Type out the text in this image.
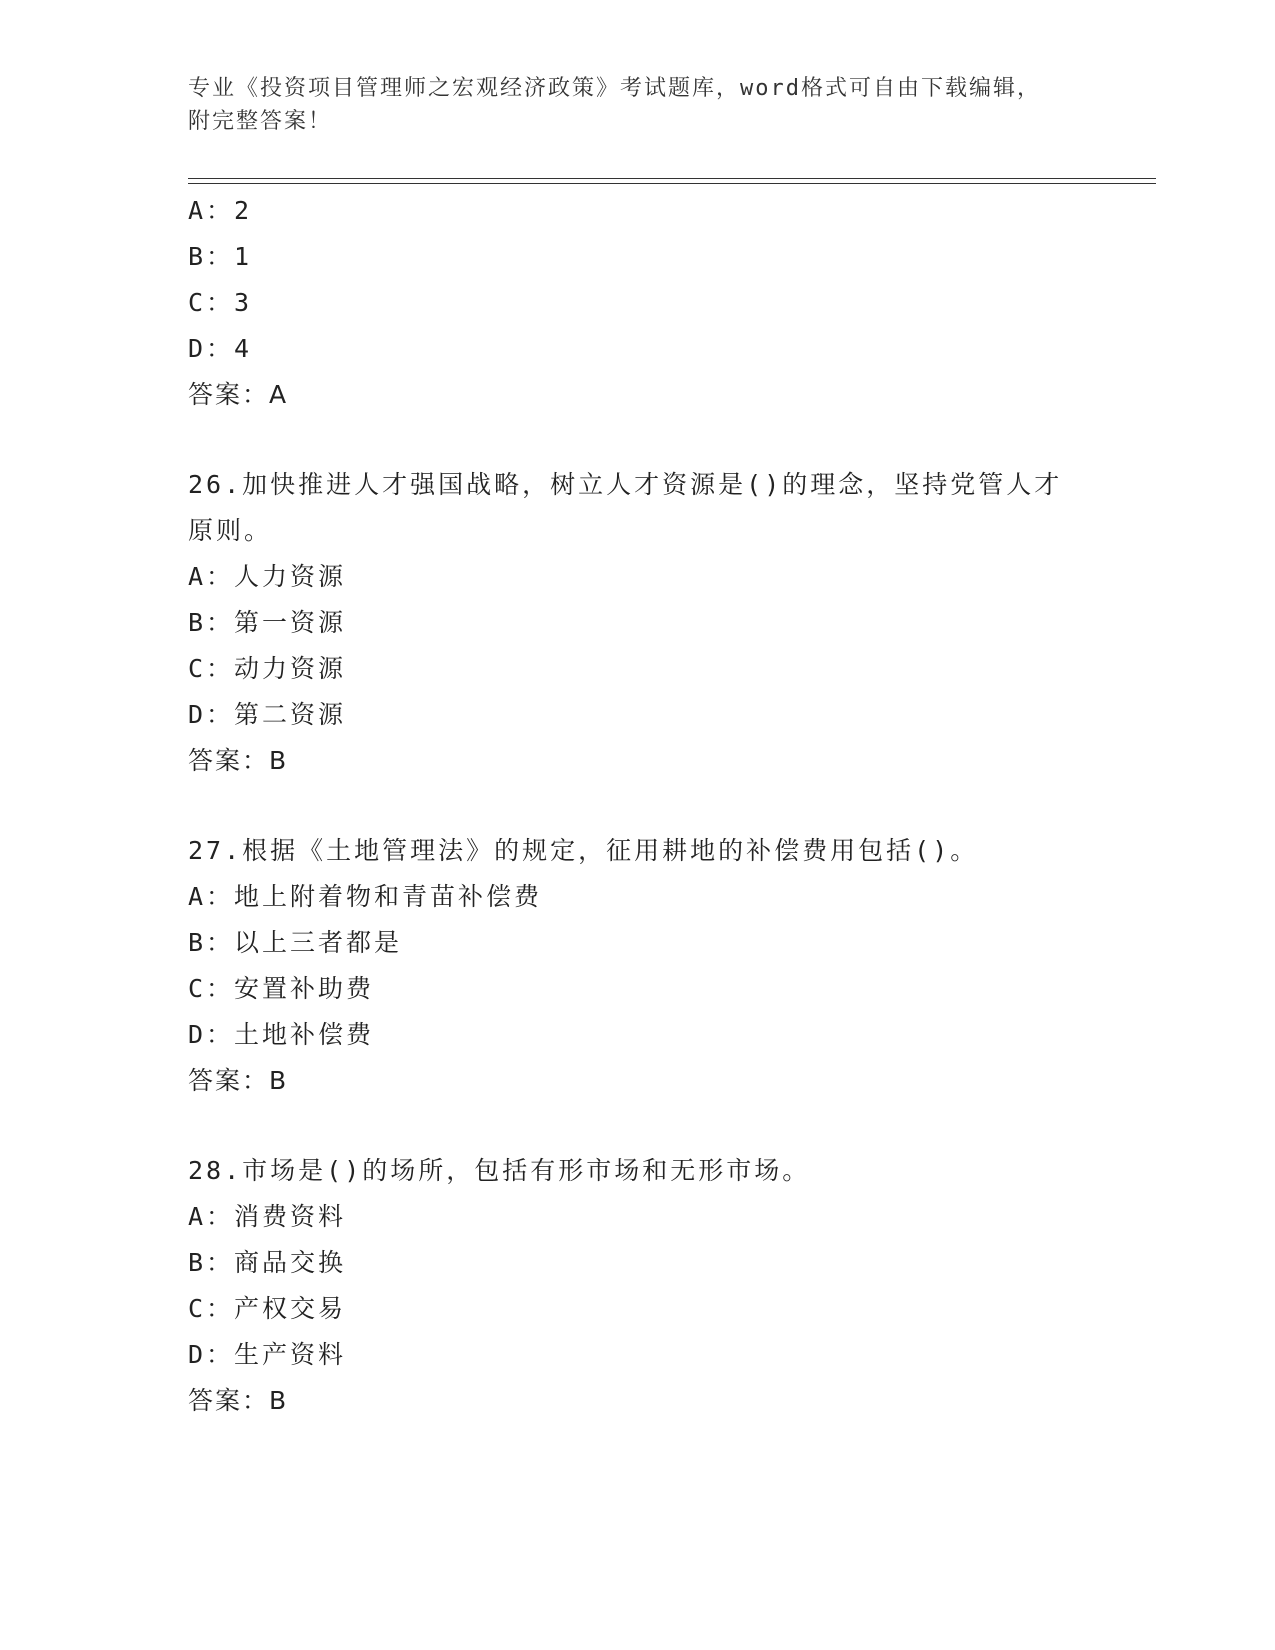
专业《投资项目管理师之宏观经济政策》考试题库，word格式可自由下载编辑，
附完整答案！
A：2
B：1
C：3
D：4
答案：A
26.加快推进人才强国战略，树立人才资源是()的理念，坚持党管人才
原则。
A：人力资源
B：第一资源
C：动力资源
D：第二资源
答案：B
27.根据《土地管理法》的规定，征用耕地的补偿费用包括()。
A：地上附着物和青苗补偿费
B：以上三者都是
C：安置补助费
D：土地补偿费
答案：B
28.市场是()的场所，包括有形市场和无形市场。
A：消费资料
B：商品交换
C：产权交易
D：生产资料
答案：B
